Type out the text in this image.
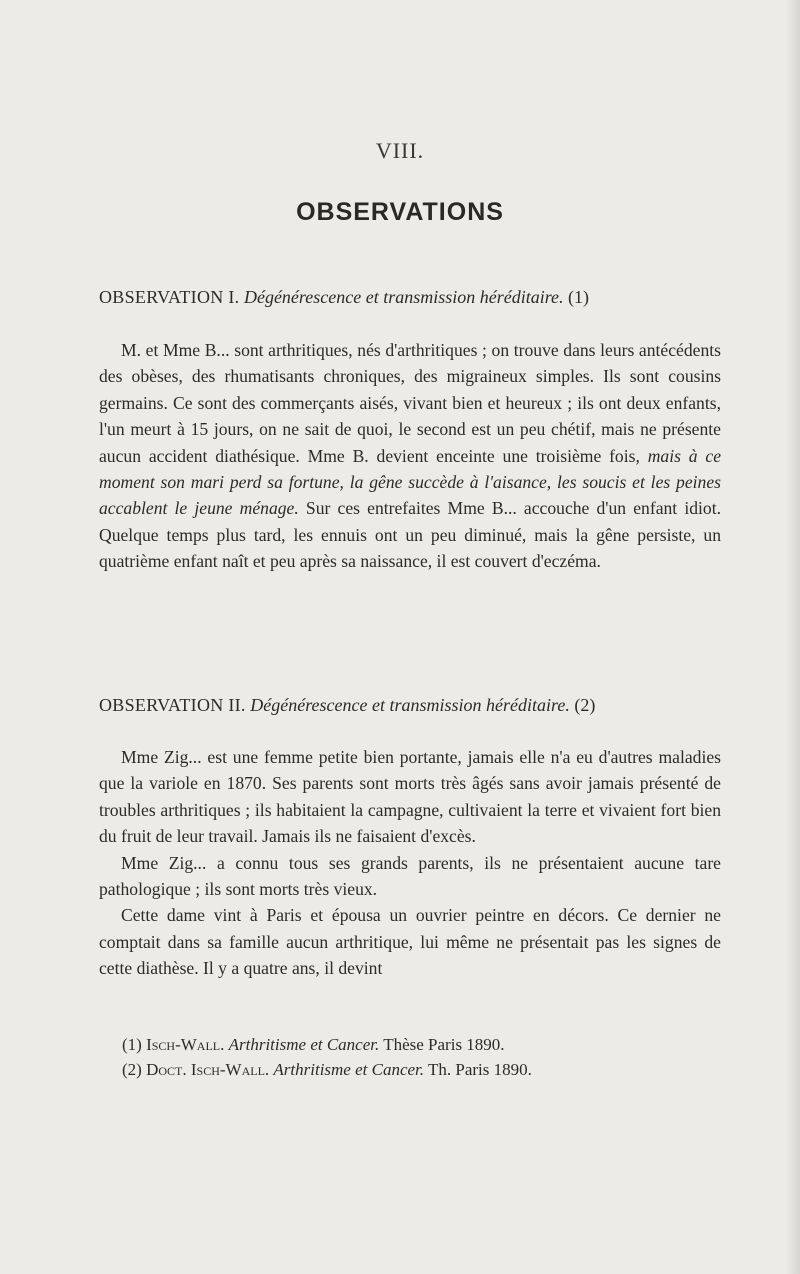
VIII.
OBSERVATIONS
OBSERVATION I. Dégénérescence et transmission héréditaire. (1)

M. et Mme B... sont arthritiques, nés d'arthritiques ; on trouve dans leurs antécédents des obèses, des rhumatisants chroniques, des migraineux simples. Ils sont cousins germains. Ce sont des commerçants aisés, vivant bien et heureux ; ils ont deux enfants, l'un meurt à 15 jours, on ne sait de quoi, le second est un peu chétif, mais ne présente aucun accident diathésique. Mme B. devient enceinte une troisième fois, mais à ce moment son mari perd sa fortune, la gêne succède à l'aisance, les soucis et les peines accablent le jeune ménage. Sur ces entrefaites Mme B... accouche d'un enfant idiot. Quelque temps plus tard, les ennuis ont un peu diminué, mais la gêne persiste, un quatrième enfant naît et peu après sa naissance, il est couvert d'eczéma.

OBSERVATION II. Dégénérescence et transmission héréditaire. (2)

Mme Zig... est une femme petite bien portante, jamais elle n'a eu d'autres maladies que la variole en 1870. Ses parents sont morts très âgés sans avoir jamais présenté de troubles arthritiques ; ils habitaient la campagne, cultivaient la terre et vivaient fort bien du fruit de leur travail. Jamais ils ne faisaient d'excès.

Mme Zig... a connu tous ses grands parents, ils ne présentaient aucune tare pathologique ; ils sont morts très vieux.

Cette dame vint à Paris et épousa un ouvrier peintre en décors. Ce dernier ne comptait dans sa famille aucun arthritique, lui même ne présentait pas les signes de cette diathèse. Il y a quatre ans, il devint

(1) Isch-Wall. Arthritisme et Cancer. Thèse Paris 1890.

(2) Doct. Isch-Wall. Arthritisme et Cancer. Th. Paris 1890.
